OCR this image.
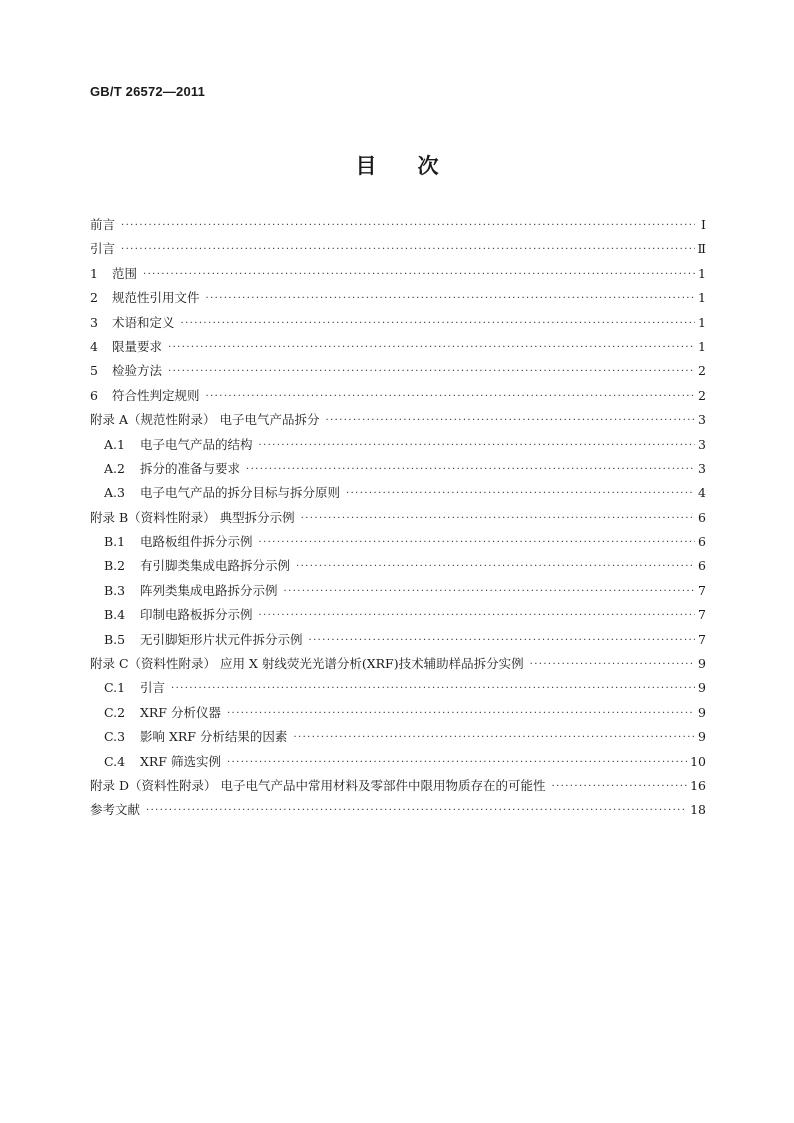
GB/T 26572—2011
目 次
前言 ·····	Ⅰ
引言 ·····	Ⅱ
1 范围 ·····	1
2 规范性引用文件 ·····	1
3 术语和定义 ·····	1
4 限量要求 ·····	1
5 检验方法 ·····	2
6 符合性判定规则 ·····	2
附录 A（规范性附录） 电子电气产品拆分 ·····	3
A.1 电子电气产品的结构 ·····	3
A.2 拆分的准备与要求 ·····	3
A.3 电子电气产品的拆分目标与拆分原则 ·····	4
附录 B（资料性附录） 典型拆分示例 ·····	6
B.1 电路板组件拆分示例 ·····	6
B.2 有引脚类集成电路拆分示例 ·····	6
B.3 阵列类集成电路拆分示例 ·····	7
B.4 印制电路板拆分示例 ·····	7
B.5 无引脚矩形片状元件拆分示例 ·····	7
附录 C（资料性附录） 应用 X 射线荧光光谱分析(XRF)技术辅助样品拆分实例 ·····	9
C.1 引言 ·····	9
C.2 XRF 分析仪器 ·····	9
C.3 影响 XRF 分析结果的因素 ·····	9
C.4 XRF 筛选实例 ·····	10
附录 D（资料性附录） 电子电气产品中常用材料及零部件中限用物质存在的可能性 ·····	16
参考文献 ·····	18
